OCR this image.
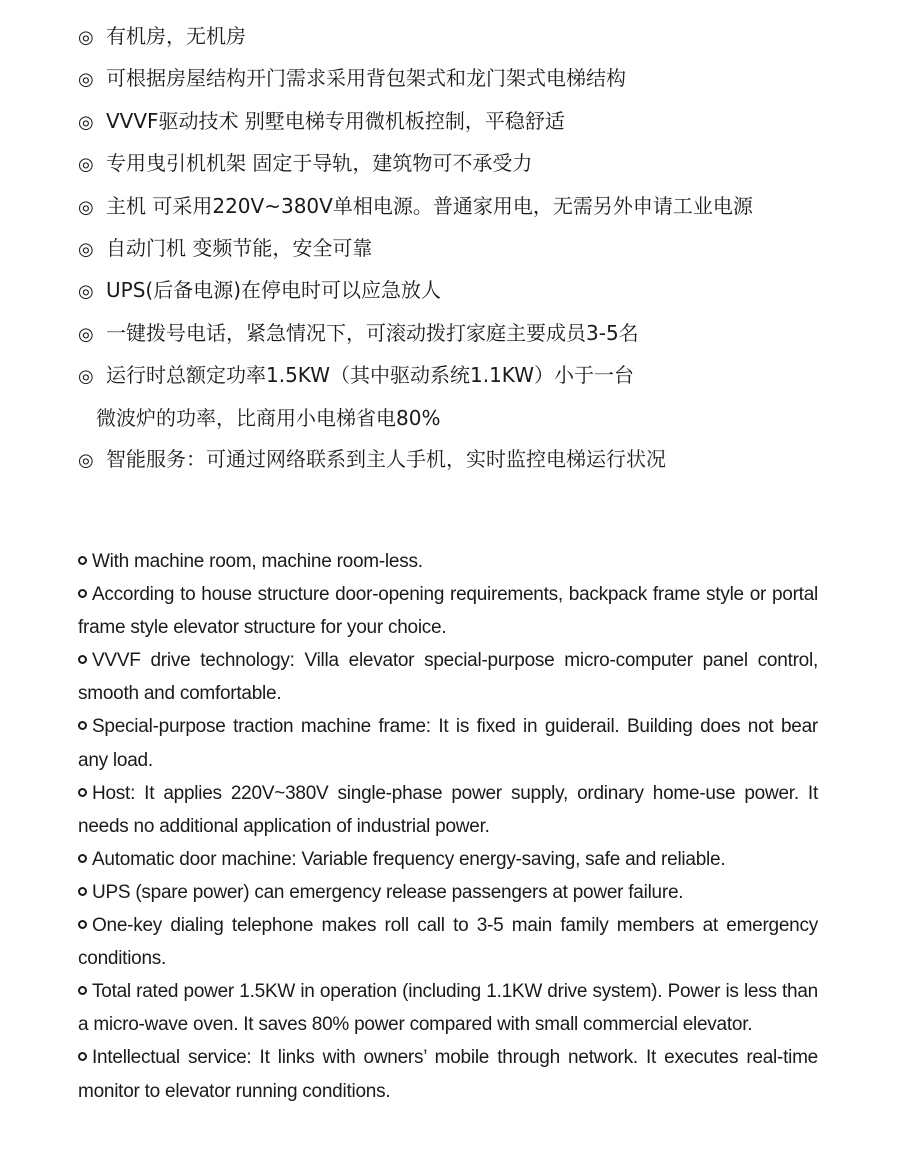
◎ 有机房，无机房
◎ 可根据房屋结构开门需求采用背包架式和龙门架式电梯结构
◎ VVVF驱动技术 别墅电梯专用微机板控制，平稳舒适
◎ 专用曳引机机架 固定于导轨，建筑物可不承受力
◎ 主机 可采用220V~380V单相电源。普通家用电，无需另外申请工业电源
◎ 自动门机 变频节能，安全可靠
◎ UPS(后备电源)在停电时可以应急放人
◎ 一键拨号电话，紧急情况下，可滚动拨打家庭主要成员3-5名
◎ 运行时总额定功率1.5KW（其中驱动系统1.1KW）小于一台
微波炉的功率，比商用小电梯省电80%
◎ 智能服务：可通过网络联系到主人手机，实时监控电梯运行状况

With machine room, machine room-less.

According to house structure door-opening requirements, backpack frame style or portal frame style elevator structure for your choice.

VVVF drive technology: Villa elevator special-purpose micro-computer panel control, smooth and comfortable.

Special-purpose traction machine frame: It is fixed in guiderail. Building does not bear any load.

Host: It applies 220V~380V single-phase power supply, ordinary home-use power. It needs no additional application of industrial power.

Automatic door machine: Variable frequency energy-saving, safe and reliable.

UPS (spare power) can emergency release passengers at power failure.

One-key dialing telephone makes roll call to 3-5 main family members at emergency conditions.

Total rated power 1.5KW in operation (including 1.1KW drive system). Power is less than a micro-wave oven. It saves 80% power compared with small commercial elevator.

Intellectual service: It links with owners’ mobile through network. It executes real-time monitor to elevator running conditions.
